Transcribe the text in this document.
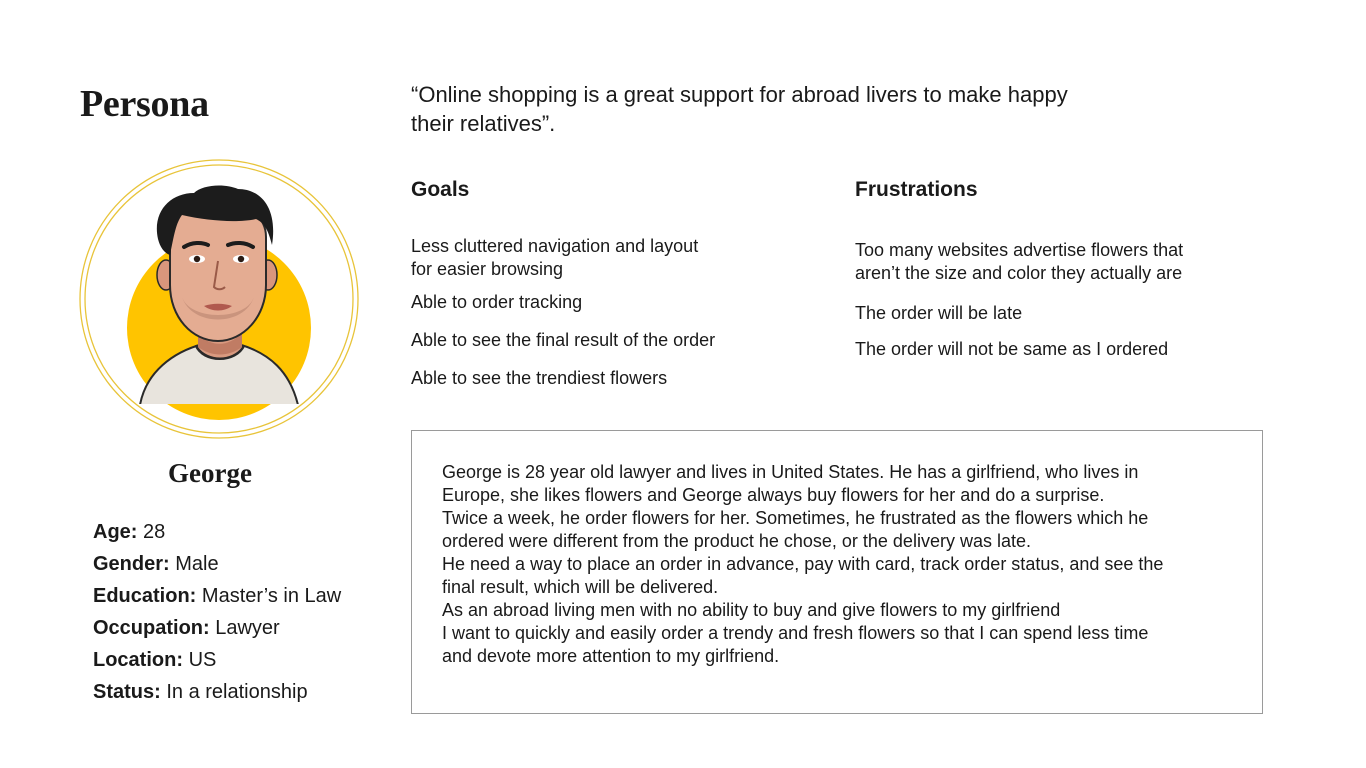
Persona
George
Age: 28
Gender: Male
Education: Master’s in Law
Occupation: Lawyer
Location: US
Status: In a relationship
“Online shopping is a great support for abroad livers to make happy
their relatives”.
Goals
Less cluttered navigation and layout
for easier browsing
Able to order tracking
Able to see the final result of the order
Able to see the trendiest flowers
Frustrations
Too many websites advertise flowers that
aren’t the size and color they actually are
The order will be late
The order will not be same as I ordered
George is 28 year old lawyer and lives in United States. He has a girlfriend, who lives in
Europe, she likes flowers and George always buy flowers for her and do a surprise.
Twice a week, he order flowers for her. Sometimes, he frustrated as the flowers which he
ordered were different from the product he chose, or the delivery was late.
He need a way to place an order in advance, pay with card, track order status, and see the
final result, which will be delivered.
As an abroad living men with no ability to buy and give flowers to my girlfriend
I want to quickly and easily order a trendy and fresh flowers so that I can spend less time
and devote more attention to my girlfriend.
